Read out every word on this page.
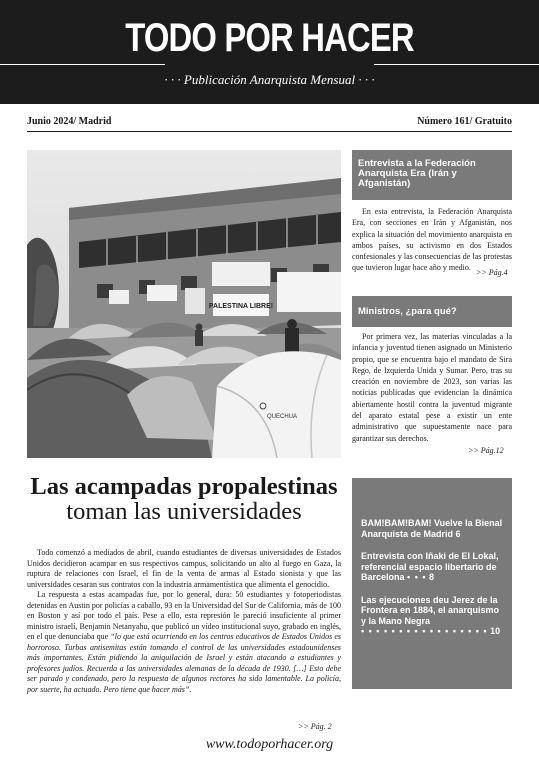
TODO POR HACER
· · · Publicación Anarquista Mensual · · ·
Junio 2024/ Madrid	Número 161/ Gratuito
PALESTINA LIBRE!
QUECHUA
Entrevista a la Federación Anarquista Era (Irán y Afganistán)
En esta entrevista, la Federación Anarquista Era, con secciones en Irán y Afganistán, nos explica la situación del movimiento anarquista en ambos países, su activismo en dos Estados confesionales y las consecuencias de las protestas que tuvieron lugar hace año y medio.
>> Pág.4
Ministros, ¿para qué?
Por primera vez, las materias vinculadas a la infancia y juventud tienen asignado un Ministerio propio, que se encuentra bajo el mandato de Sira Rego, de Izquierda Unida y Sumar. Pero, tras su creación en noviembre de 2023, son varias las noticias publicadas que evidencian la dinámica abiertamente hostil contra la juventud migrante del aparato estatal pese a existir un ente administrativo que supuestamente nace para garantizar sus derechos.
>> Pág.12
Las acampadas propalestinas
toman las universidades

Todo comenzó a mediados de abril, cuando estudiantes de diversas universidades de Estados Unidos decidieron acampar en sus respectivos campus, solicitando un alto al fuego en Gaza, la ruptura de relaciones con Israel, el fin de la venta de armas al Estado sionista y que las universidades cesaran sus contratos con la industria armamentística que alimenta el genocidio.

La respuesta a estas acampadas fue, por lo general, dura: 50 estudiantes y fotoperiodistas detenidas en Austin por policías a caballo, 93 en la Universidad del Sur de California, más de 100 en Boston y así por todo el país. Pese a ello, esta represión le pareció insuficiente al primer ministro israelí, Benjamin Netanyahu, que publicó un vídeo institucional suyo, grabado en inglés, en el que denunciaba que “lo que está ocurriendo en los centros educativos de Estados Unidos es horroroso. Turbas antisemitas están tomando el control de las universidades estadounidenses más importantes. Están pidiendo la aniquilación de Israel y están atacando a estudiantes y profesores judíos. Recuerda a las universidades alemanas de la década de 1930. […] Esto debe ser parado y condenado, pero la respuesta de algunos rectores ha sido lamentable. La policía, por suerte, ha actuado. Pero tiene que hacer más”.

>> Pág. 2
BAM!BAM!BAM! Vuelve la Bienal Anarquista de Madrid 6
Entrevista con Iñaki de El Lokal, referencial espacio libertario de Barcelona • • • 8
Las ejecuciones deu Jerez de la Frontera en 1884, el anarquismo y la Mano Negra
• • • • • • • • • • • • • • • • • 10
www.todoporhacer.org
